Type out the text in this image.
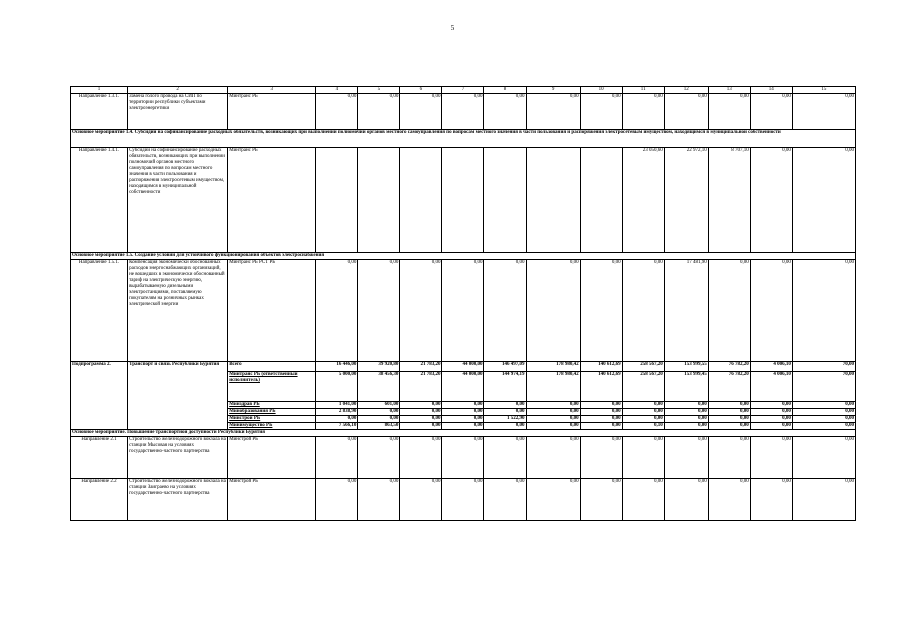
5
1	2	3	4	5	6	7	8	9	10	11	12	13	14	15
Направление 1.3.1.	Замена голого провода на СИП по территории республики субъектами электроэнергетики	Минтранс РБ	0,00	0,00	0,00	0,00	0,00	0,00	0,00	0,00	0,00	0,00	0,00	0,00
Основное мероприятие 1.4. Субсидии на софинансирование расходных обязательств, возникающих при выполнении полномочий органов местного самоуправления по вопросам местного значения в части пользования и распоряжения электросетевым имуществом, находящимся в муниципальной собственности														
Направление 1.4.1.	Субсидии на софинансирование расходных обязательств, возникающих при выполнении полномочий органов местного самоуправления по вопросам местного значения в части пользования и распоряжения электросетевым имуществом, находящимся в муниципальной собственности	Минтранс РБ								23 050,60	22 972,10	8 707,10	0,00	0,00
Основное мероприятие 1.5. Создание условий для устойчивого функционирования объектов электроснабжения														
Направление 1.5.1.	Компенсация экономически обоснованных расходов энергоснабжающих организаций, не вошедших в экономически обоснованный тариф на электрическую энергию, вырабатываемую дизельными электростанциями, поставляемую покупателям на розничных рынках электрической энергии	Минтранс РБ РСТ РБ	0,00	0,00	0,00	0,00	0,00	0,00	0,00	0,00	17 481,90	0,00	0,00	0,00
Подпрограмма 2.	Транспорт и связь Республики Бурятия	Всего	16 446,00	39 920,80	21 783,20	44 000,00	146 497,09	178 980,42	140 612,69	258 567,20	153 999,55	76 782,20	4 006,10	70,00
		Минтранс РБ (ответственный исполнитель)	5 000,00	38 456,30	21 783,20	44 000,00	144 974,19	178 980,42	140 612,69	258 567,20	153 999,45	76 782,20	4 006,10	70,00
		Минздрав РБ	1 041,00	601,00	0,00	0,00	0,00	0,00	0,00	0,00	0,00	0,00	0,00	0,00
		Минобразования РБ	2 838,90	0,00	0,00	0,00	0,00	0,00	0,00	0,00	0,00	0,00	0,00	0,00
		Минстрой РБ	0,00	0,00	0,00	0,00	1 522,90	0,00	0,00	0,00	0,00	0,00	0,00	0,00
		Минимущество РБ	7 566,10	863,50	0,00	0,00	0,00	0,00	0,00	0,10	0,00	0,00	0,00	0,00
Основное мероприятие. Повышение транспортной доступности Республики Бурятия														
Направление 2.1	Строительство железнодорожного вокзала на станции Мысовая на условиях государственно-частного партнерства	Минстрой РБ	0,00	0,00	0,00	0,00	0,00	0,00	0,00	0,00	0,00	0,00	0,00	0,00
Направление 2.2	Строительство железнодорожного вокзала на станции Заиграево на условиях государственно-частного партнерства	Минстрой РБ	0,00	0,00	0,00	0,00	0,00	0,00	0,00	0,00	0,00	0,00	0,00	0,00
